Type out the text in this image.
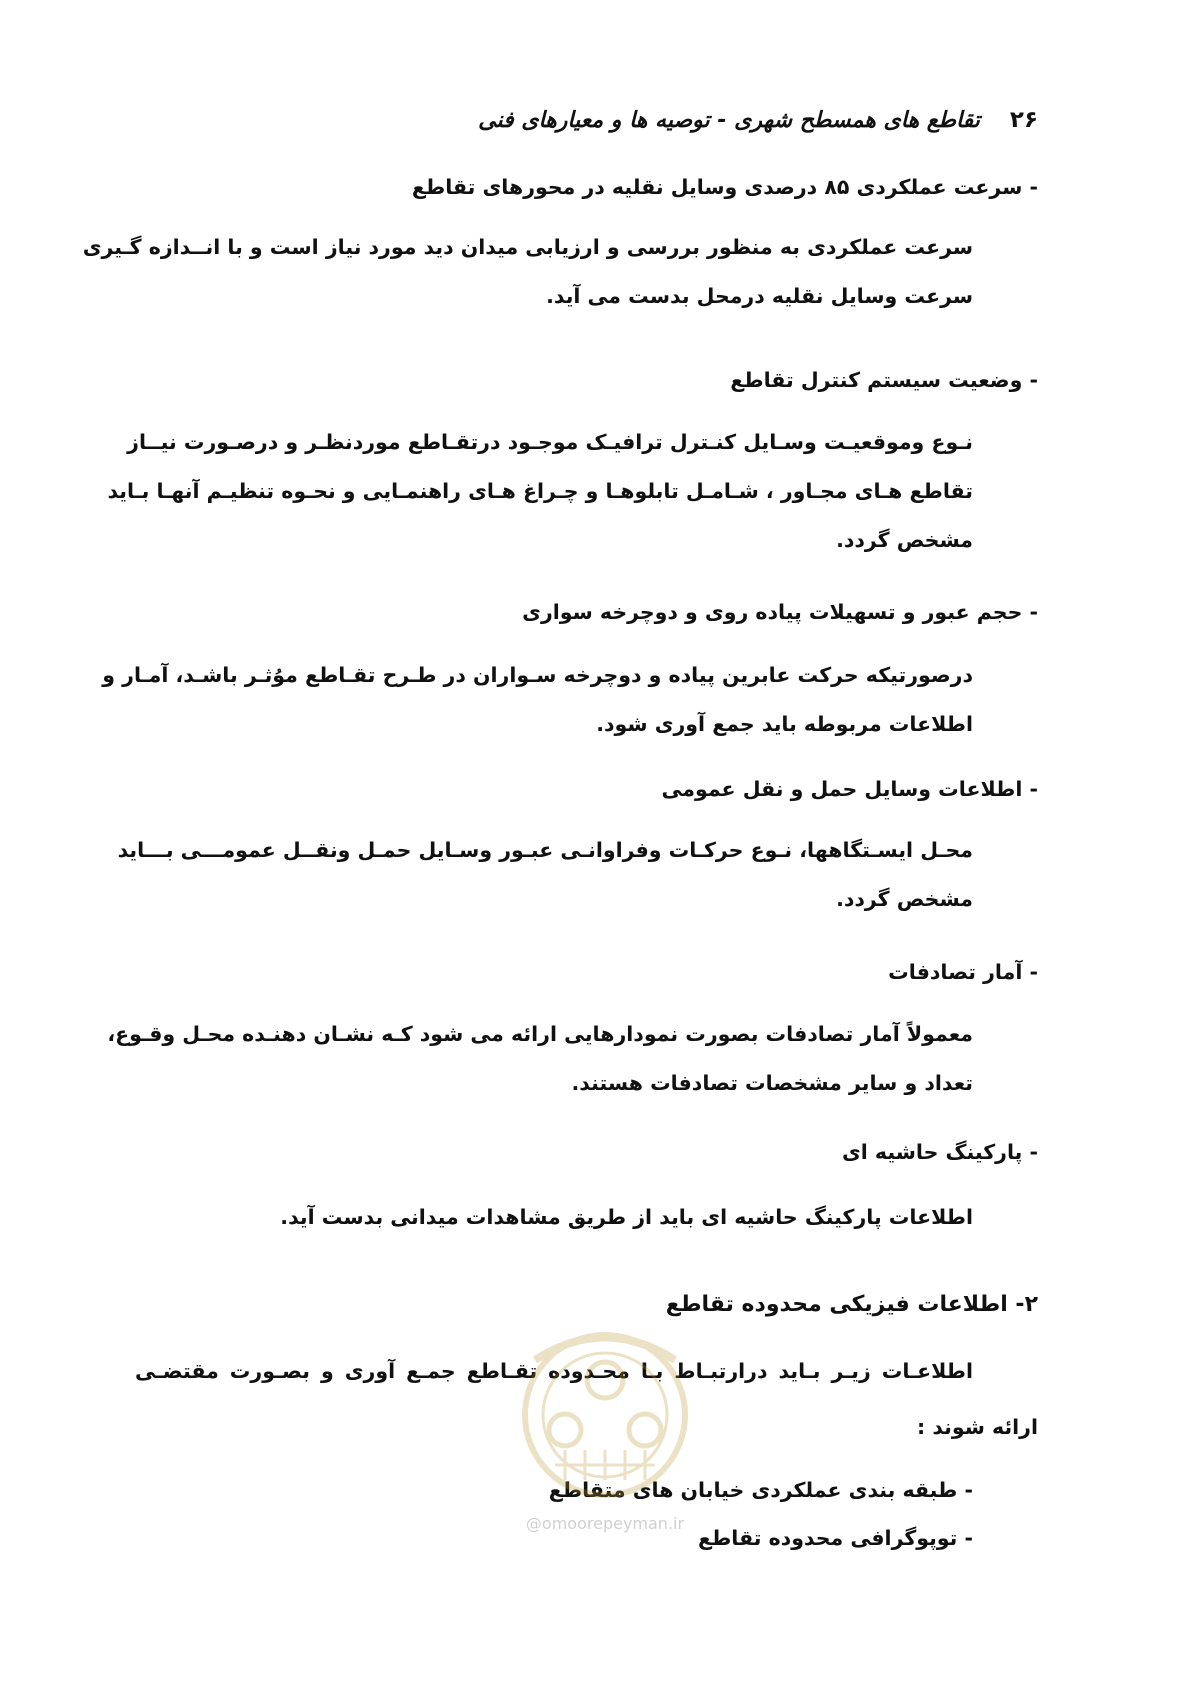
۲۶
تقاطع های همسطح شهری - توصیه ها و معیارهای فنی
- سرعت عملکردی ۸۵ درصدی وسایل نقلیه در محورهای تقاطع
سرعت عملکردی به منظور بررسی و ارزیابی میدان دید مورد نیاز است و با انــدازه گـیری
سرعت وسایل نقلیه درمحل بدست می آید.
- وضعیت سیستم کنترل تقاطع
نـوع وموقعیـت وسـایل کنـترل ترافیـک موجـود درتقـاطع موردنظـر و درصـورت نیــاز
تقاطع هـای مجـاور ، شـامـل تابلوهـا و چـراغ هـای راهنمـایی و نحـوه تنظیـم آنهـا بـاید
مشخص گردد.
- حجم عبور و تسهیلات پیاده روی و دوچرخه سواری
درصورتیکه حرکت عابرین پیاده و دوچرخه سـواران در طـرح تقـاطع موُثـر باشـد، آمـار و
اطلاعات مربوطه باید جمع آوری شود.
- اطلاعات وسایل حمل و نقل عمومی
محـل ایسـتگاهها، نـوع حرکـات وفراوانـی عبـور وسـایل حمـل ونقــل عمومـــی بـــاید
مشخص گردد.
- آمار تصادفات
معمولاً آمار تصادفات بصورت نمودارهایی ارائه می شود کـه نشـان دهنـده محـل وقـوع،
تعداد و سایر مشخصات تصادفات هستند.
- پارکینگ حاشیه ای
اطلاعات پارکینگ حاشیه ای باید از طریق مشاهدات میدانی بدست آید.
۲- اطلاعات فیزیکی محدوده تقاطع
اطلاعـات زیـر بـاید درارتبـاط بـا محـدوده تقـاطع جمـع آوری و بصـورت مقتضـی
ارائه شوند :
- طبقه بندی عملکردی خیابان های متقاطع
- توپوگرافی محدوده تقاطع
@omoorepeyman.ir
